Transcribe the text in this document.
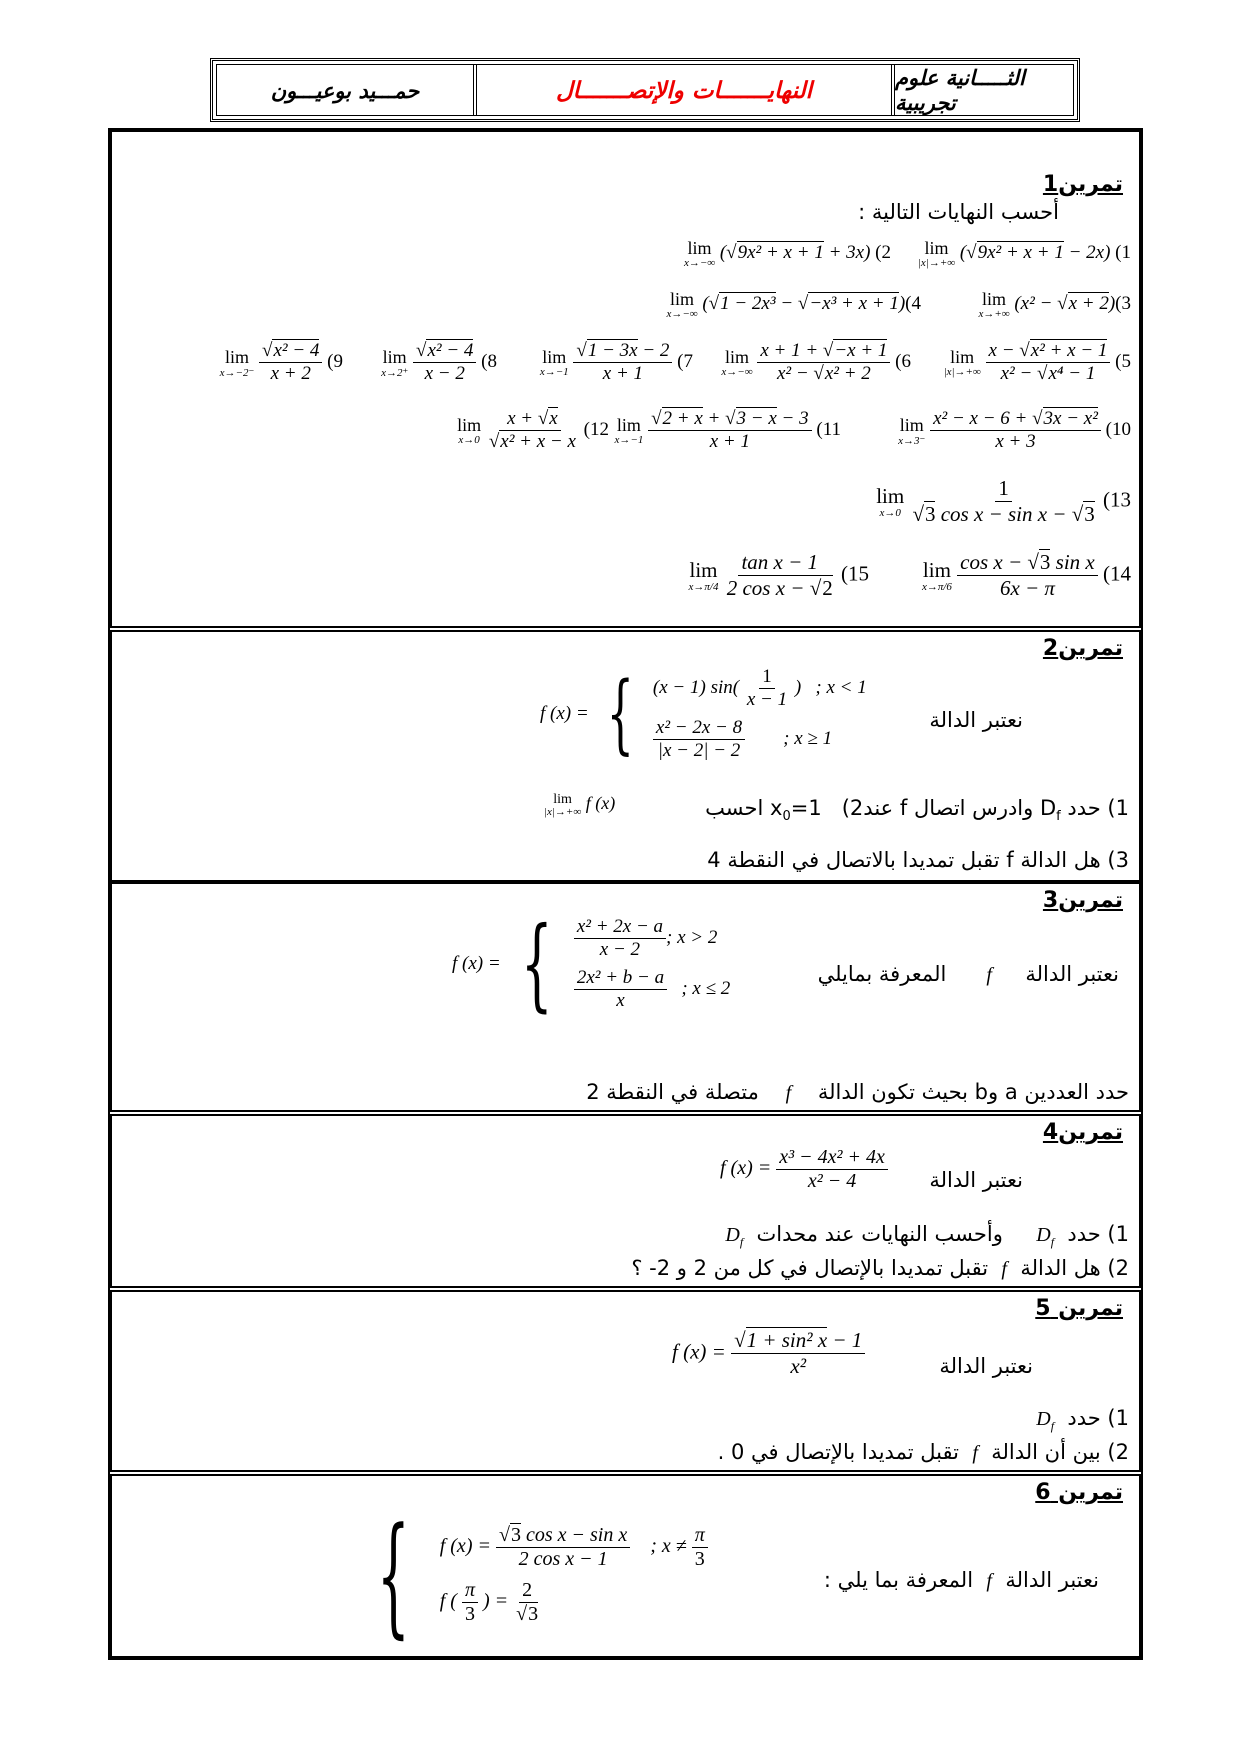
حمـــيد بوعيـــون	النهايـــــــات والإتصـــــــال	الثـــــانية علوم تجريبية
تمرين1
أحسب النهايات التالية :
lim
|x|→+∞
(√9x² + x + 1 − 2x) (1
lim
x→−∞
(√9x² + x + 1 + 3x) (2
lim
x→+∞
(x² − √x + 2)(3
lim
x→−∞
(√1 − 2x³ − √−x³ + x + 1)(4
lim
|x|→+∞
$\frac{\text{x − √x² + x − 1}}{\text{x² − √x⁴ − 1}} (5$
lim
x→−∞
$\frac{x + 1 + √-x + 1}{\text{x² − √x² + 2}} (6$
lim
x→−1
$\frac{√1 - 3x - 2}{x + 1} (7$
lim
x→2⁺
$\frac{\text{√x² − 4}}{x - 2} (8$
lim
x→−2⁻
$\frac{\text{√x² − 4}}{x + 2} (9$
lim
x→3⁻
$\frac{\text{x² − x − 6 + √3x − x²}}{x + 3} (10$
lim
x→−1
$\frac{√2 + x + √3 - x - 3}{x + 1} (11$
lim
x→0
$\frac{x + √x}{\text{√x² + x − x}} (12$
lim
x→0
$\frac{1}{\text{√3 cos x − sin x − √3}} (13$
lim
x→π/6
$\frac{\text{cos x − √3 sin x}}{6x - \pi} (14$
lim
x→π/4
$\frac{\text{tan x − 1}}{\text{2 cos x − √2}} (15$
تمرين2
نعتبر الدالة
f (x) = { (x − 1) $\sin( \frac{1}{x - 1}$ )   ; x < 1
$\frac{\text{x² − 2x − 8}}{|x - 2| - 2}$ ; x ≥ 1
1) حدد $D_f$ وادرس اتصال f عندx$_0$=1   (2 احسب
lim
|x|→+∞ f (x)
3) هل الدالة f تقبل تمديدا بالاتصال في النقطة 4
تمرين3
نعتبر الدالة     f      المعرفة بمايلي
f (x) = { $\frac{\text{x² + 2x − a}}{x - 2}$ ; x > 2
$\frac{\text{2x² + b − a}}{x}$ ; x ≤ 2
حدد العددين a وb بحيث تكون الدالة    f    متصلة في النقطة 2
تمرين4
نعتبر الدالة
f $(x) = \frac{\text{x³ − 4x² + 4x}}{\text{x² − 4}}$
1) حدد  $D_f$     وأحسب النهايات عند محدات  $D_f$
2) هل الدالة  f  تقبل تمديدا بالإتصال في كل من 2 و 2- ؟
تمرين 5
نعتبر الدالة
f $(x) = \frac{\text{√1 + sin² x − 1}}{\text{x²}}$
1) حدد  $D_f$
2) بين أن الدالة  f  تقبل تمديدا بالإتصال في 0 .
تمرين 6
نعتبر الدالة  f  المعرفة بما يلي :
{ f $(x) = \frac{\text{√3 cos x − sin x}}{\text{2 cos x − 1}}$ ; $x \ne \frac{\pi}{3}$
f ( $\frac{\pi}{3}$ ) = $\frac{2}{√3}$
